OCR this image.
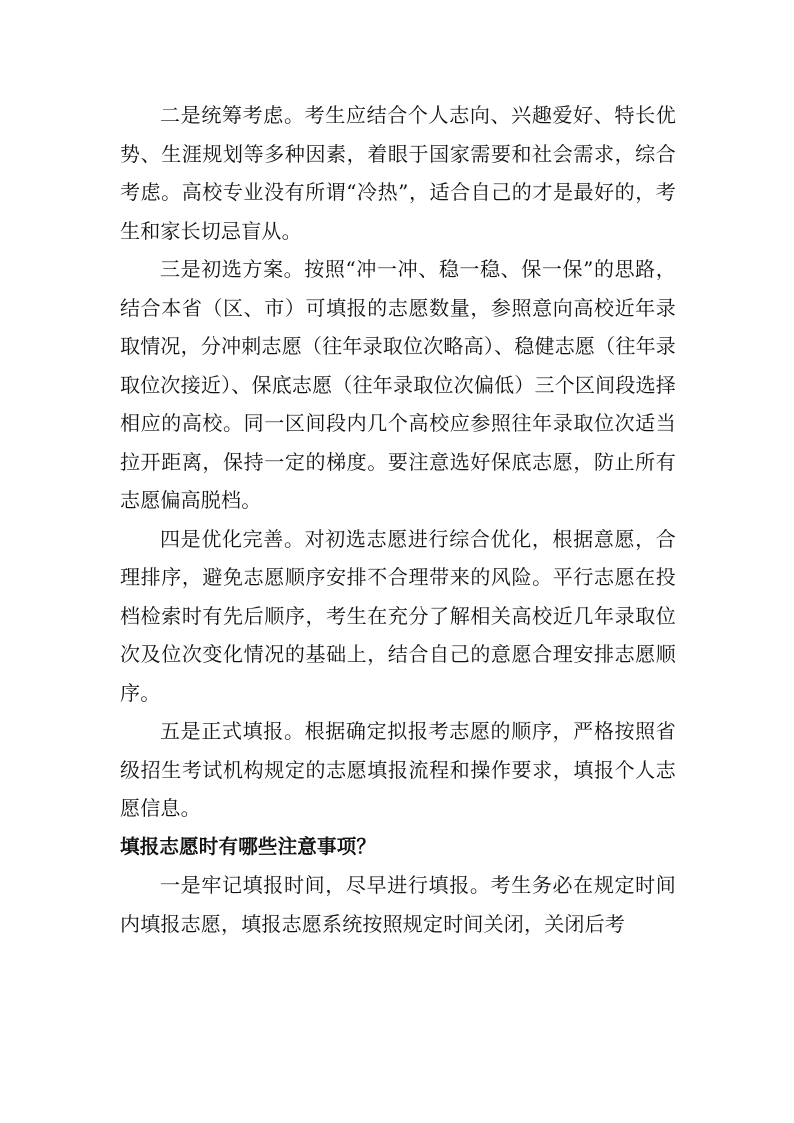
二是统筹考虑。考生应结合个人志向、兴趣爱好、特长优势、生涯规划等多种因素，着眼于国家需要和社会需求，综合考虑。高校专业没有所谓“冷热”，适合自己的才是最好的，考生和家长切忌盲从。

三是初选方案。按照“冲一冲、稳一稳、保一保”的思路，结合本省（区、市）可填报的志愿数量，参照意向高校近年录取情况，分冲刺志愿（往年录取位次略高）、稳健志愿（往年录取位次接近）、保底志愿（往年录取位次偏低）三个区间段选择相应的高校。同一区间段内几个高校应参照往年录取位次适当拉开距离，保持一定的梯度。要注意选好保底志愿，防止所有志愿偏高脱档。

四是优化完善。对初选志愿进行综合优化，根据意愿，合理排序，避免志愿顺序安排不合理带来的风险。平行志愿在投档检索时有先后顺序，考生在充分了解相关高校近几年录取位次及位次变化情况的基础上，结合自己的意愿合理安排志愿顺序。

五是正式填报。根据确定拟报考志愿的顺序，严格按照省级招生考试机构规定的志愿填报流程和操作要求，填报个人志愿信息。

填报志愿时有哪些注意事项？

一是牢记填报时间，尽早进行填报。考生务必在规定时间内填报志愿，填报志愿系统按照规定时间关闭，关闭后考
